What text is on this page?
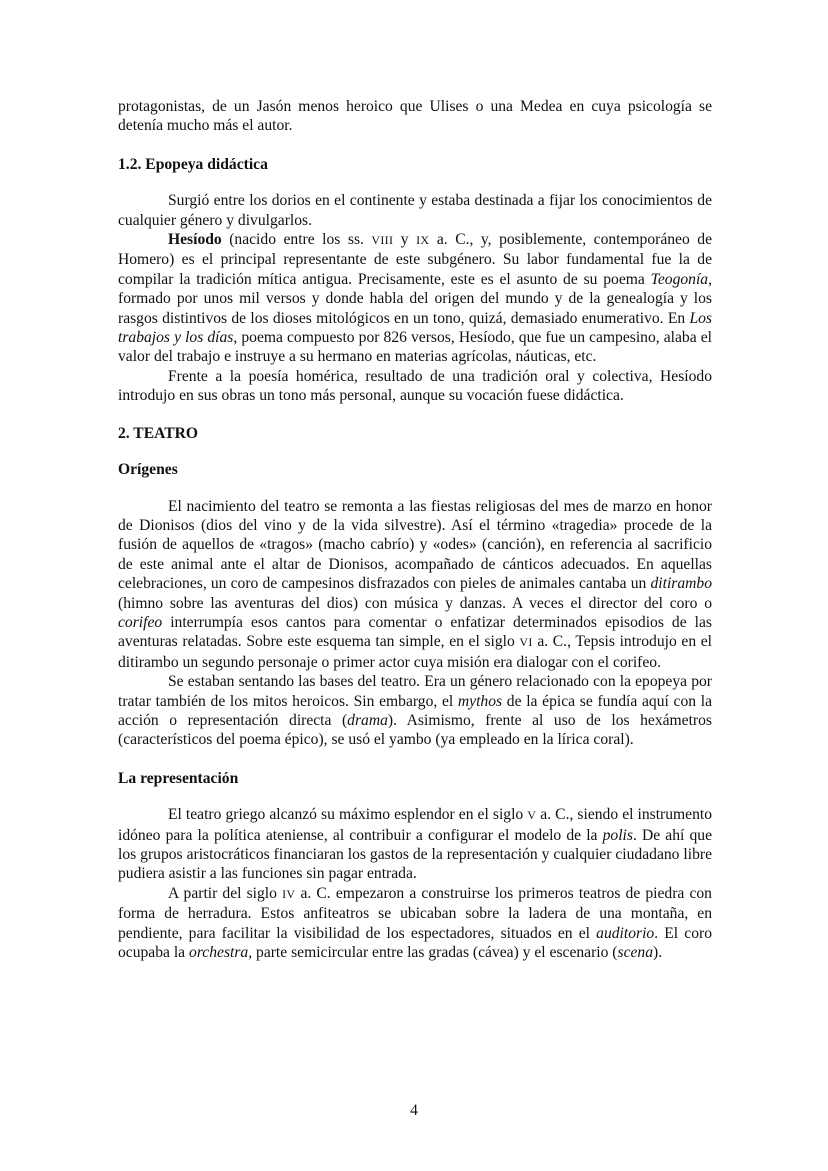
protagonistas, de un Jasón menos heroico que Ulises o una Medea en cuya psicología se detenía mucho más el autor.

1.2. Epopeya didáctica

Surgió entre los dorios en el continente y estaba destinada a fijar los conocimientos de cualquier género y divulgarlos.

Hesíodo (nacido entre los ss. VIII y IX a. C., y, posiblemente, contemporáneo de Homero) es el principal representante de este subgénero. Su labor fundamental fue la de compilar la tradición mítica antigua. Precisamente, este es el asunto de su poema Teogonía, formado por unos mil versos y donde habla del origen del mundo y de la genealogía y los rasgos distintivos de los dioses mitológicos en un tono, quizá, demasiado enumerativo. En Los trabajos y los días, poema compuesto por 826 versos, Hesíodo, que fue un campesino, alaba el valor del trabajo e instruye a su hermano en materias agrícolas, náuticas, etc.

Frente a la poesía homérica, resultado de una tradición oral y colectiva, Hesíodo introdujo en sus obras un tono más personal, aunque su vocación fuese didáctica.

2. TEATRO
Orígenes

El nacimiento del teatro se remonta a las fiestas religiosas del mes de marzo en honor de Dionisos (dios del vino y de la vida silvestre). Así el término «tragedia» procede de la fusión de aquellos de «tragos» (macho cabrío) y «odes» (canción), en referencia al sacrificio de este animal ante el altar de Dionisos, acompañado de cánticos adecuados. En aquellas celebraciones, un coro de campesinos disfrazados con pieles de animales cantaba un ditirambo (himno sobre las aventuras del dios) con música y danzas. A veces el director del coro o corifeo interrumpía esos cantos para comentar o enfatizar determinados episodios de las aventuras relatadas. Sobre este esquema tan simple, en el siglo VI a. C., Tepsis introdujo en el ditirambo un segundo personaje o primer actor cuya misión era dialogar con el corifeo.

Se estaban sentando las bases del teatro. Era un género relacionado con la epopeya por tratar también de los mitos heroicos. Sin embargo, el mythos de la épica se fundía aquí con la acción o representación directa (drama). Asimismo, frente al uso de los hexámetros (característicos del poema épico), se usó el yambo (ya empleado en la lírica coral).

La representación

El teatro griego alcanzó su máximo esplendor en el siglo V a. C., siendo el instrumento idóneo para la política ateniense, al contribuir a configurar el modelo de la polis. De ahí que los grupos aristocráticos financiaran los gastos de la representación y cualquier ciudadano libre pudiera asistir a las funciones sin pagar entrada.

A partir del siglo IV a. C. empezaron a construirse los primeros teatros de piedra con forma de herradura. Estos anfiteatros se ubicaban sobre la ladera de una montaña, en pendiente, para facilitar la visibilidad de los espectadores, situados en el auditorio. El coro ocupaba la orchestra, parte semicircular entre las gradas (cávea) y el escenario (scena).

4
